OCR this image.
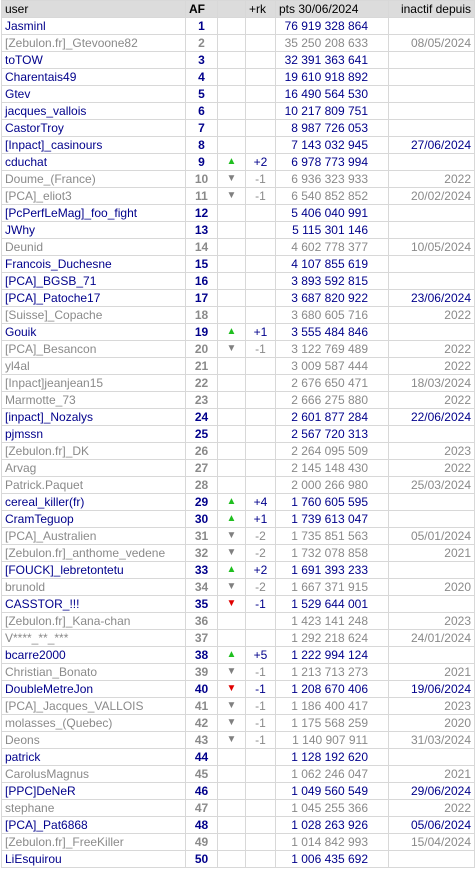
user	AF		+rk	pts 30/06/2024	inactif depuis
Jasminl	1			76 919 328 864	
[Zebulon.fr]_Gtevoone82	2			35 250 208 633	08/05/2024
toTOW	3			32 391 363 641	
Charentais49	4			19 610 918 892	
Gtev	5			16 490 564 530	
jacques_vallois	6			10 217 809 751	
CastorTroy	7			8 987 726 053	
[Inpact]_casinours	8			7 143 032 945	27/06/2024
cduchat	9	▲	+2	6 978 773 994	
Doume_(France)	10	▼	-1	6 936 323 933	2022
[PCA]_eliot3	11	▼	-1	6 540 852 852	20/02/2024
[PcPerfLeMag]_foo_fight	12			5 406 040 991	
JWhy	13			5 115 301 146	
Deunid	14			4 602 778 377	10/05/2024
Francois_Duchesne	15			4 107 855 619	
[PCA]_BGSB_71	16			3 893 592 815	
[PCA]_Patoche17	17			3 687 820 922	23/06/2024
[Suisse]_Copache	18			3 680 605 716	2022
Gouik	19	▲	+1	3 555 484 846	
[PCA]_Besancon	20	▼	-1	3 122 769 489	2022
yl4al	21			3 009 587 444	2022
[Inpact]jeanjean15	22			2 676 650 471	18/03/2024
Marmotte_73	23			2 666 275 880	2022
[inpact]_Nozalys	24			2 601 877 284	22/06/2024
pjmssn	25			2 567 720 313	
[Zebulon.fr]_DK	26			2 264 095 509	2023
Arvag	27			2 145 148 430	2022
Patrick.Paquet	28			2 000 266 980	25/03/2024
cereal_killer(fr)	29	▲	+4	1 760 605 595	
CramTeguop	30	▲	+1	1 739 613 047	
[PCA]_Australien	31	▼	-2	1 735 851 563	05/01/2024
[Zebulon.fr]_anthome_vedene	32	▼	-2	1 732 078 858	2021
[FOUCK]_lebretontetu	33	▲	+2	1 691 393 233	
brunold	34	▼	-2	1 667 371 915	2020
CASSTOR_!!!	35	▼	-1	1 529 644 001	
[Zebulon.fr]_Kana-chan	36			1 423 141 248	2023
V****_**_***	37			1 292 218 624	24/01/2024
bcarre2000	38	▲	+5	1 222 994 124	
Christian_Bonato	39	▼	-1	1 213 713 273	2021
DoubleMetreJon	40	▼	-1	1 208 670 406	19/06/2024
[PCA]_Jacques_VALLOIS	41	▼	-1	1 186 400 417	2023
molasses_(Quebec)	42	▼	-1	1 175 568 259	2020
Deons	43	▼	-1	1 140 907 911	31/03/2024
patrick	44			1 128 192 620	
CarolusMagnus	45			1 062 246 047	2021
[PPC]DeNeR	46			1 049 560 549	29/06/2024
stephane	47			1 045 255 366	2022
[PCA]_Pat6868	48			1 028 263 926	05/06/2024
[Zebulon.fr]_FreeKiller	49			1 014 842 993	15/04/2024
LiEsquirou	50			1 006 435 692	
